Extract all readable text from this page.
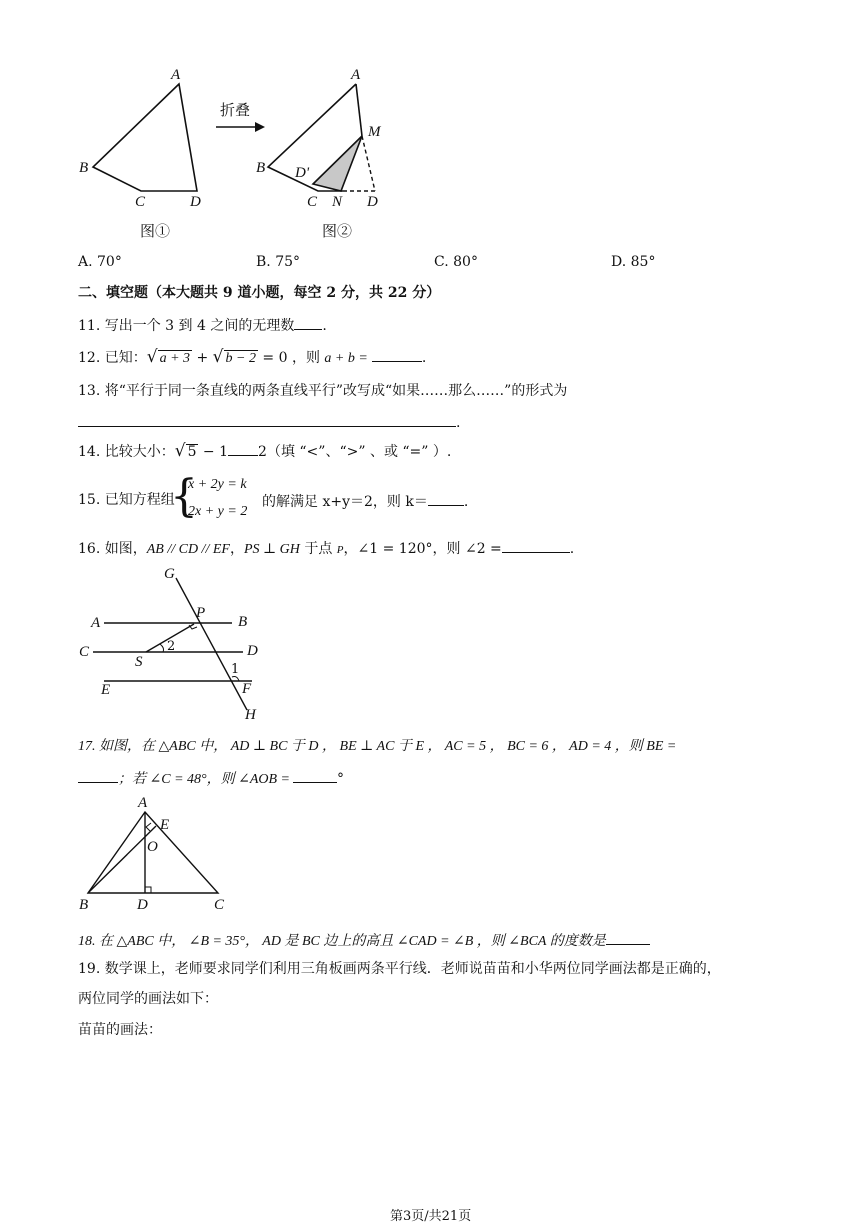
折叠
A
B
C	D
图①
A
B
C	D
M
N
D'
图②
A. 70°	B. 75°	C. 80°	D. 85°
二、填空题（本大题共 9 道小题，每空 2 分，共 22 分）
11. 写出一个 3 到 4 之间的无理数 .
12. 已知：√ a + 3 + √ b − 2 = 0 ，则 a + b =	.
13. 将“平行于同一条直线的两条直线平行”改写成“如果……那么……”的形式为
.
14. 比较大小：√ 5 − 1 2（填 “<”、“>” 、或 “=” ）.
15. 已知方程组
{
x + 2y = k
2x + y = 2
的解满足 x+y＝2，则 k＝	.
16. 如图，AB // CD // EF，PS ⊥ GH 于点 P，∠1 = 120°，则 ∠2 =	.
G
P
A	B
C	D
S
2
1
E	F
H
17. 如图，在 △ABC 中， AD ⊥ BC 于 D ， BE ⊥ AC 于 E ， AC = 5 ， BC = 6 ， AD = 4 ，则 BE =
；若 ∠C = 48°，则 ∠AOB =	°
A
E
O
B	D	C
18. 在 △ABC 中， ∠B = 35°， AD 是 BC 边上的高且 ∠CAD = ∠B ，则 ∠BCA 的度数是
19. 数学课上，老师要求同学们利用三角板画两条平行线．老师说苗苗和小华两位同学画法都是正确的，
两位同学的画法如下：
苗苗的画法：
第3页/共21页
